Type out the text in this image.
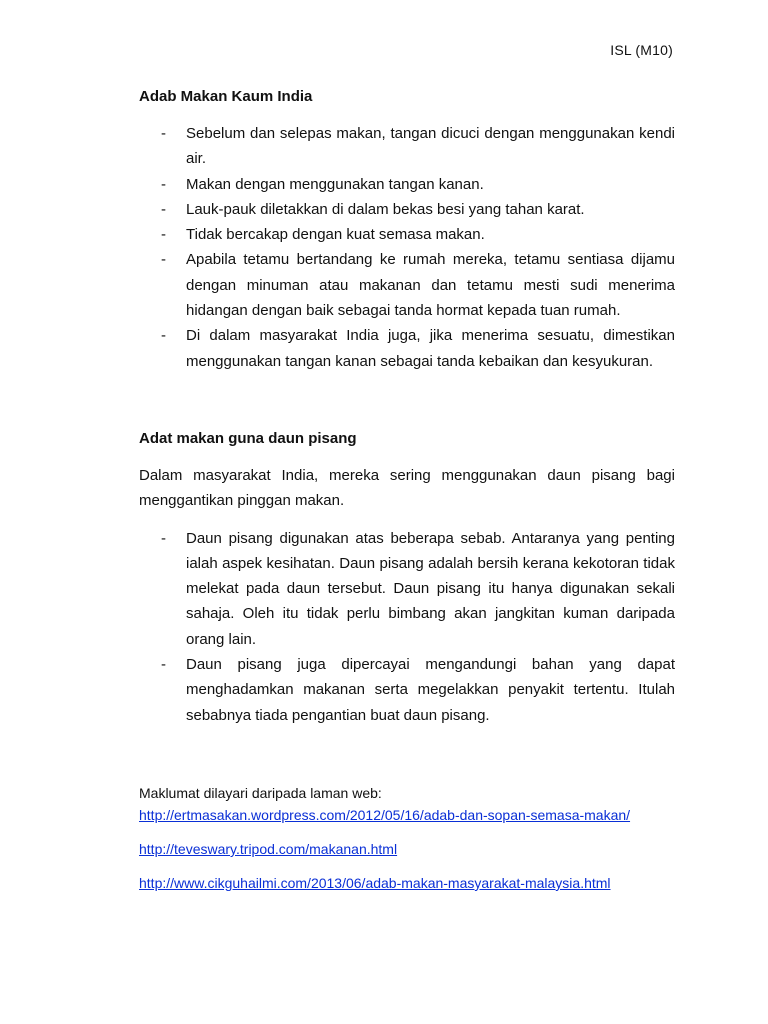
ISL (M10)
Adab Makan Kaum India
- Sebelum dan selepas makan, tangan dicuci dengan menggunakan kendi air.
- Makan dengan menggunakan tangan kanan.
- Lauk-pauk diletakkan di dalam bekas besi yang tahan karat.
- Tidak bercakap dengan kuat semasa makan.
- Apabila tetamu bertandang ke rumah mereka, tetamu sentiasa dijamu dengan minuman atau makanan dan tetamu mesti sudi menerima hidangan dengan baik sebagai tanda hormat kepada tuan rumah.
- Di dalam masyarakat India juga, jika menerima sesuatu, dimestikan menggunakan tangan kanan sebagai tanda kebaikan dan kesyukuran.
Adat makan guna daun pisang

Dalam masyarakat India, mereka sering menggunakan daun pisang bagi menggantikan pinggan makan.

- Daun pisang digunakan atas beberapa sebab. Antaranya yang penting ialah aspek kesihatan. Daun pisang adalah bersih kerana kekotoran tidak melekat pada daun tersebut. Daun pisang itu hanya digunakan sekali sahaja. Oleh itu tidak perlu bimbang akan jangkitan kuman daripada orang lain.
- Daun pisang juga dipercayai mengandungi bahan yang dapat menghadamkan makanan serta megelakkan penyakit tertentu. Itulah sebabnya tiada pengantian buat daun pisang.

Maklumat dilayari daripada laman web:

http://ertmasakan.wordpress.com/2012/05/16/adab-dan-sopan-semasa-makan/
http://teveswary.tripod.com/makanan.html
http://www.cikguhailmi.com/2013/06/adab-makan-masyarakat-malaysia.html
